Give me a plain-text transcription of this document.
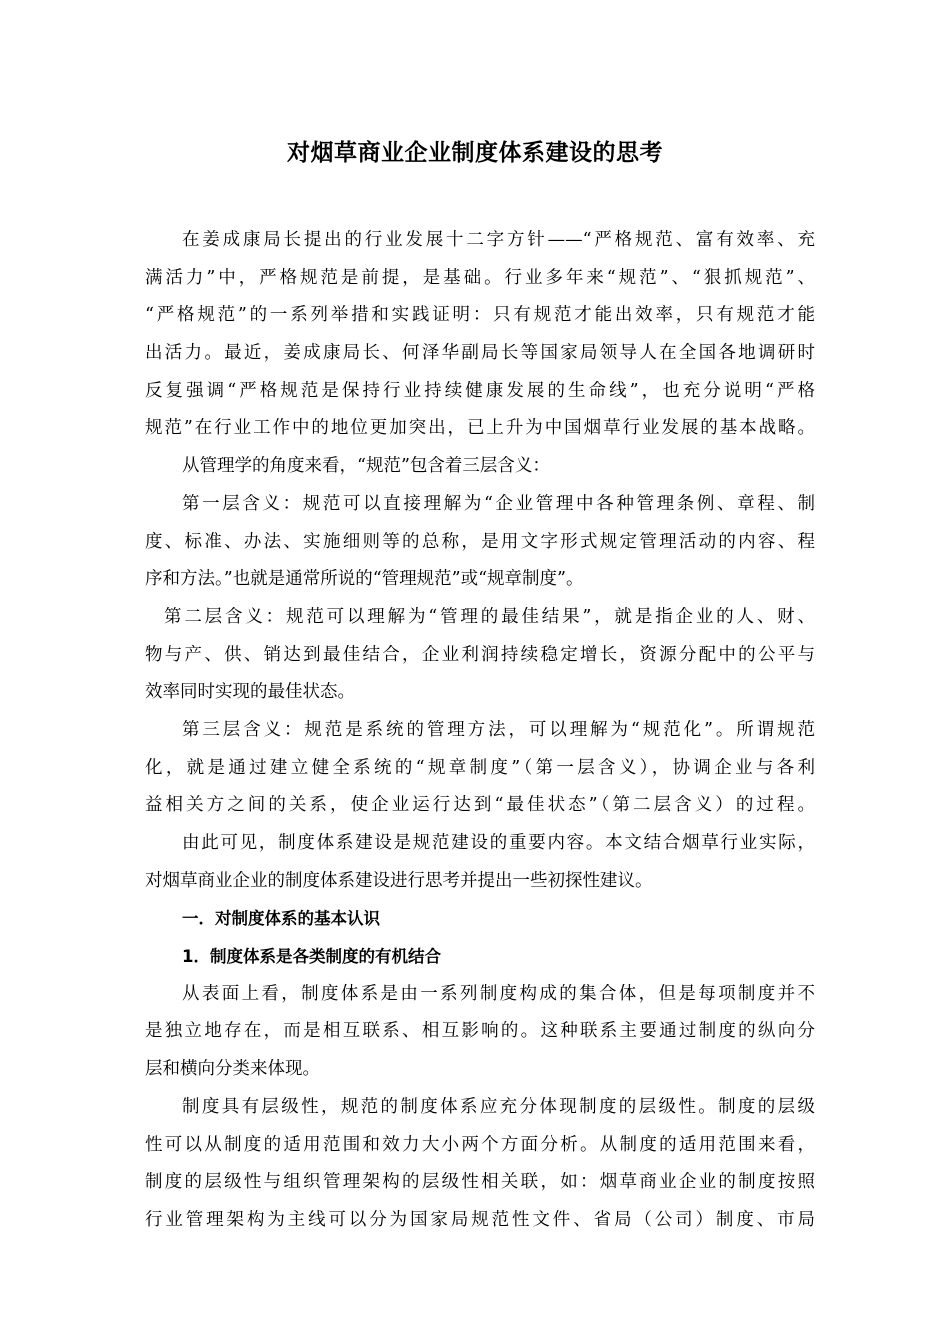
对烟草商业企业制度体系建设的思考
在姜成康局长提出的行业发展十二字方针——“严格规范、富有效率、充
满活力”中，严格规范是前提，是基础。行业多年来“规范”、“狠抓规范”、
“严格规范”的一系列举措和实践证明：只有规范才能出效率，只有规范才能
出活力。最近，姜成康局长、何泽华副局长等国家局领导人在全国各地调研时
反复强调“严格规范是保持行业持续健康发展的生命线”，也充分说明“严格
规范”在行业工作中的地位更加突出，已上升为中国烟草行业发展的基本战略。
从管理学的角度来看，“规范”包含着三层含义：
第一层含义：规范可以直接理解为“企业管理中各种管理条例、章程、制
度、标准、办法、实施细则等的总称，是用文字形式规定管理活动的内容、程
序和方法。”也就是通常所说的“管理规范”或“规章制度”。
第二层含义：规范可以理解为“管理的最佳结果”，就是指企业的人、财、
物与产、供、销达到最佳结合，企业利润持续稳定增长，资源分配中的公平与
效率同时实现的最佳状态。
第三层含义：规范是系统的管理方法，可以理解为“规范化”。所谓规范
化，就是通过建立健全系统的“规章制度”（第一层含义），协调企业与各利
益相关方之间的关系，使企业运行达到“最佳状态”（第二层含义）的过程。
由此可见，制度体系建设是规范建设的重要内容。本文结合烟草行业实际，
对烟草商业企业的制度体系建设进行思考并提出一些初探性建议。
一．对制度体系的基本认识
1．制度体系是各类制度的有机结合
从表面上看，制度体系是由一系列制度构成的集合体，但是每项制度并不
是独立地存在，而是相互联系、相互影响的。这种联系主要通过制度的纵向分
层和横向分类来体现。
制度具有层级性，规范的制度体系应充分体现制度的层级性。制度的层级
性可以从制度的适用范围和效力大小两个方面分析。从制度的适用范围来看，
制度的层级性与组织管理架构的层级性相关联，如：烟草商业企业的制度按照
行业管理架构为主线可以分为国家局规范性文件、省局（公司）制度、市局
